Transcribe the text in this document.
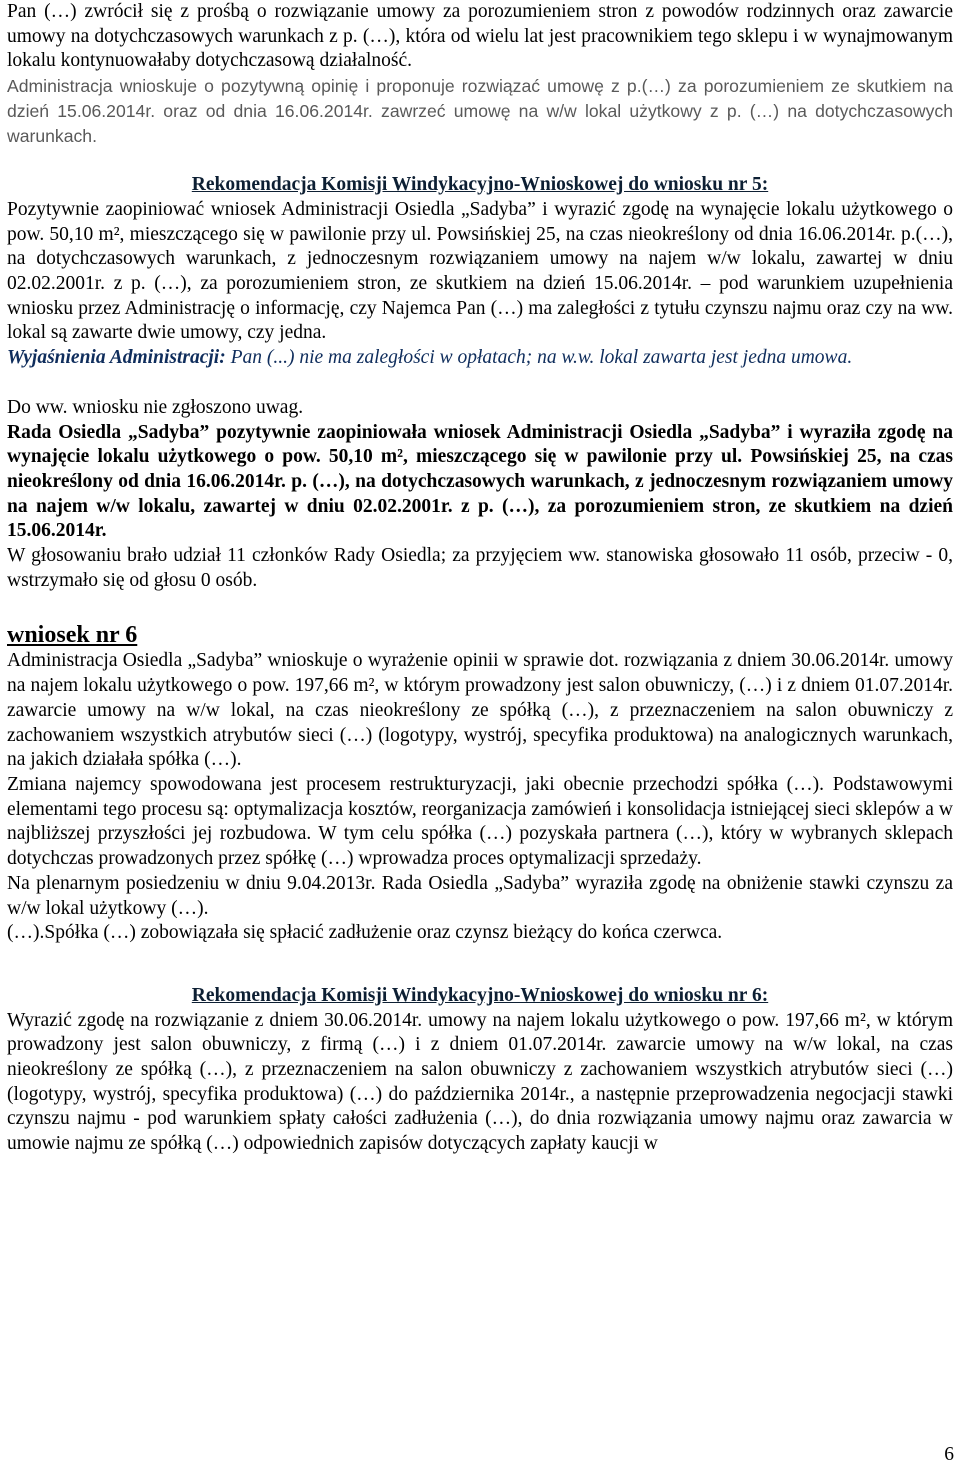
Pan (…) zwrócił się z prośbą o rozwiązanie umowy za porozumieniem stron z powodów rodzinnych oraz zawarcie umowy na dotychczasowych warunkach z p. (…), która od wielu lat jest pracownikiem tego sklepu i w wynajmowanym lokalu kontynuowałaby dotychczasową działalność.

Administracja wnioskuje o pozytywną opinię i proponuje rozwiązać umowę z p.(…) za porozumieniem ze skutkiem na dzień 15.06.2014r. oraz od dnia 16.06.2014r. zawrzeć umowę na w/w lokal użytkowy z p. (…) na dotychczasowych warunkach.

Rekomendacja Komisji Windykacyjno-Wnioskowej do wniosku nr 5:

Pozytywnie zaopiniować wniosek Administracji Osiedla „Sadyba” i wyrazić zgodę na wynajęcie lokalu użytkowego o pow. 50,10 m², mieszczącego się w pawilonie przy ul. Powsińskiej 25, na czas nieokreślony od dnia 16.06.2014r. p.(…), na dotychczasowych warunkach, z jednoczesnym rozwiązaniem umowy na najem w/w lokalu, zawartej w dniu 02.02.2001r. z p. (…), za porozumieniem stron, ze skutkiem na dzień 15.06.2014r. – pod warunkiem uzupełnienia wniosku przez Administrację o informację, czy Najemca Pan (…) ma zaległości z tytułu czynszu najmu oraz czy na ww. lokal są zawarte dwie umowy, czy jedna.

Wyjaśnienia Administracji: Pan (...) nie ma zaległości w opłatach; na w.w. lokal zawarta jest jedna umowa.

Do ww. wniosku nie zgłoszono uwag.

Rada Osiedla „Sadyba” pozytywnie zaopiniowała wniosek Administracji Osiedla „Sadyba” i wyraziła zgodę na wynajęcie lokalu użytkowego o pow. 50,10 m², mieszczącego się w pawilonie przy ul. Powsińskiej 25, na czas nieokreślony od dnia 16.06.2014r. p. (…), na dotychczasowych warunkach, z jednoczesnym rozwiązaniem umowy na najem w/w lokalu, zawartej w dniu 02.02.2001r. z p. (…), za porozumieniem stron, ze skutkiem na dzień 15.06.2014r.

W głosowaniu brało udział 11 członków Rady Osiedla; za przyjęciem ww. stanowiska głosowało 11 osób, przeciw - 0, wstrzymało się od głosu 0 osób.

wniosek nr 6

Administracja Osiedla „Sadyba” wnioskuje o wyrażenie opinii w sprawie dot. rozwiązania z dniem 30.06.2014r. umowy na najem lokalu użytkowego o pow. 197,66 m², w którym prowadzony jest salon obuwniczy, (…) i z dniem 01.07.2014r. zawarcie umowy na w/w lokal, na czas nieokreślony ze spółką (…), z przeznaczeniem na salon obuwniczy z zachowaniem wszystkich atrybutów sieci (…) (logotypy, wystrój, specyfika produktowa) na analogicznych warunkach, na jakich działała spółka (…).

Zmiana najemcy spowodowana jest procesem restrukturyzacji, jaki obecnie przechodzi spółka (…). Podstawowymi elementami tego procesu są: optymalizacja kosztów, reorganizacja zamówień i konsolidacja istniejącej sieci sklepów a w najbliższej przyszłości jej rozbudowa. W tym celu spółka (…) pozyskała partnera (…), który w wybranych sklepach dotychczas prowadzonych przez spółkę (…) wprowadza proces optymalizacji sprzedaży.

Na plenarnym posiedzeniu w dniu 9.04.2013r. Rada Osiedla „Sadyba” wyraziła zgodę na obniżenie stawki czynszu za w/w lokal użytkowy (…).

(…).Spółka (…) zobowiązała się spłacić zadłużenie oraz czynsz bieżący do końca czerwca.

Rekomendacja Komisji Windykacyjno-Wnioskowej do wniosku nr 6:

Wyrazić zgodę na rozwiązanie z dniem 30.06.2014r. umowy na najem lokalu użytkowego o pow. 197,66 m², w którym prowadzony jest salon obuwniczy, z firmą (…) i z dniem 01.07.2014r. zawarcie umowy na w/w lokal, na czas nieokreślony ze spółką (…), z przeznaczeniem na salon obuwniczy z zachowaniem wszystkich atrybutów sieci (…) (logotypy, wystrój, specyfika produktowa) (…) do października 2014r., a następnie przeprowadzenia negocjacji stawki czynszu najmu - pod warunkiem spłaty całości zadłużenia (…), do dnia rozwiązania umowy najmu oraz zawarcia w umowie najmu ze spółką (…) odpowiednich zapisów dotyczących zapłaty kaucji w

6
